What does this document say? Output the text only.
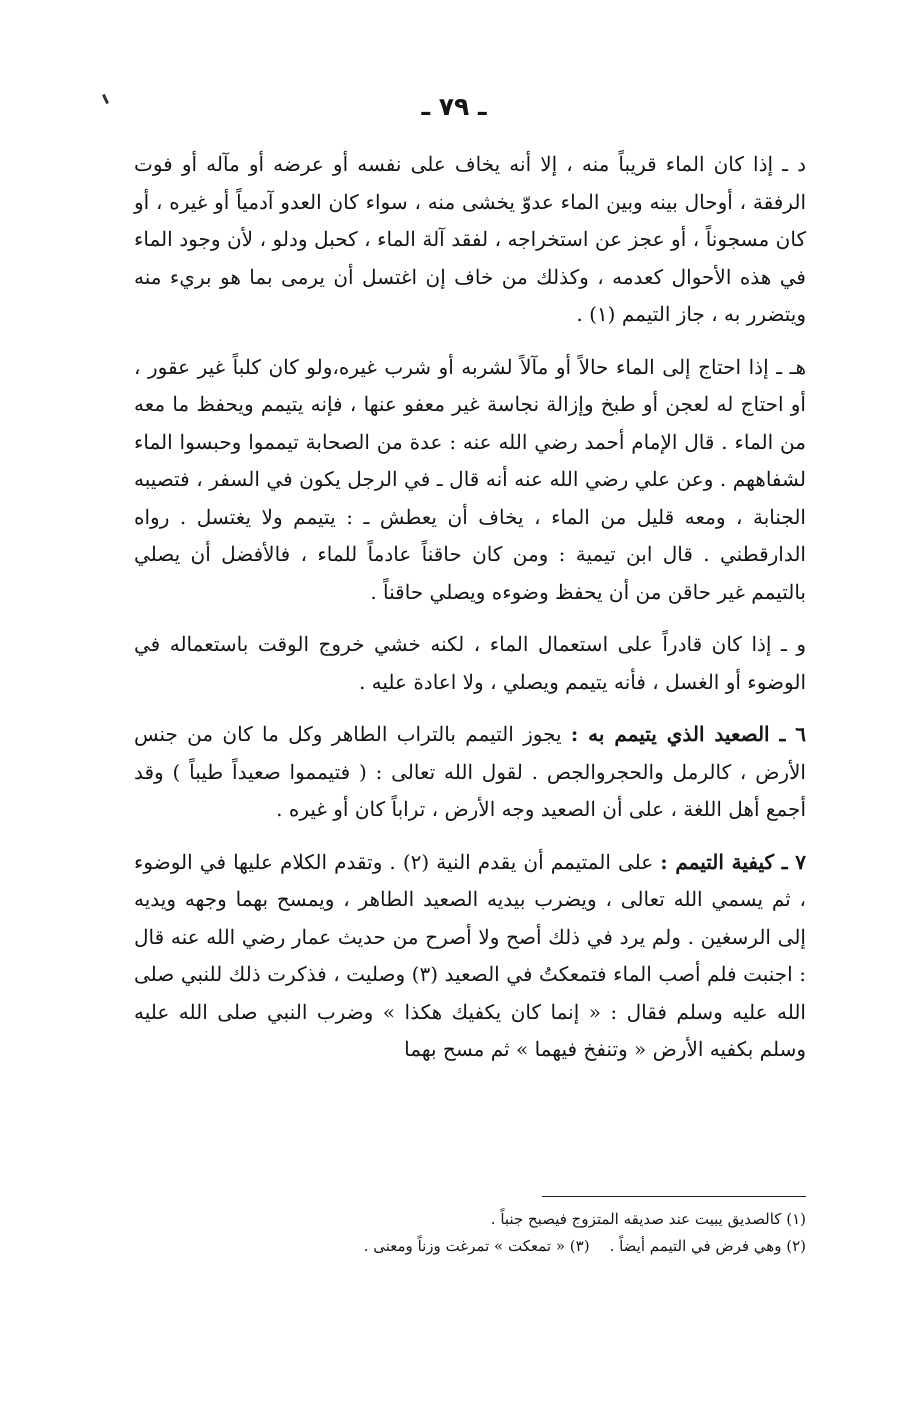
ـ ٧٩ ـ

د ـ إذا كان الماء قريباً منه ، إلا أنه يخاف على نفسه أو عرضه أو مآله أو فوت الرفقة ، أوحال بينه وبين الماء عدوّ يخشى منه ، سواء كان العدو آدمياً أو غيره ، أو كان مسجوناً ، أو عجز عن استخراجه ، لفقد آلة الماء ، كحبل ودلو ، لأن وجود الماء في هذه الأحوال كعدمه ، وكذلك من خاف إن اغتسل أن يرمى بما هو بريء منه ويتضرر به ، جاز التيمم (١) .

هـ ـ إذا احتاج إلى الماء حالاً أو مآلاً لشربه أو شرب غيره،ولو كان كلباً غير عقور ، أو احتاج له لعجن أو طبخ وإزالة نجاسة غير معفو عنها ، فإنه يتيمم ويحفظ ما معه من الماء . قال الإمام أحمد رضي الله عنه : عدة من الصحابة تيمموا وحبسوا الماء لشفاههم . وعن علي رضي الله عنه أنه قال ـ في الرجل يكون في السفر ، فتصيبه الجنابة ، ومعه قليل من الماء ، يخاف أن يعطش ـ : يتيمم ولا يغتسل . رواه الدارقطني . قال ابن تيمية : ومن كان حاقناً عادماً للماء ، فالأفضل أن يصلي بالتيمم غير حاقن من أن يحفظ وضوءه ويصلي حاقناً .

و ـ إذا كان قادراً على استعمال الماء ، لكنه خشي خروج الوقت باستعماله في الوضوء أو الغسل ، فأنه يتيمم ويصلي ، ولا اعادة عليه .

٦ ـ الصعيد الذي يتيمم به : يجوز التيمم بالتراب الطاهر وكل ما كان من جنس الأرض ، كالرمل والحجروالجص . لقول الله تعالى : ( فتيمموا صعيداً طيباً ) وقد أجمع أهل اللغة ، على أن الصعيد وجه الأرض ، تراباً كان أو غيره .

٧ ـ كيفية التيمم : على المتيمم أن يقدم النية (٢) . وتقدم الكلام عليها في الوضوء ، ثم يسمي الله تعالى ، ويضرب بيديه الصعيد الطاهر ، ويمسح بهما وجهه ويديه إلى الرسغين . ولم يرد في ذلك أصح ولا أصرح من حديث عمار رضي الله عنه قال : اجنبت فلم أصب الماء فتمعكتُ في الصعيد (٣) وصليت ، فذكرت ذلك للنبي صلى الله عليه وسلم فقال : « إنما كان يكفيك هكذا » وضرب النبي صلى الله عليه وسلم بكفيه الأرض « وتنفخ فيهما » ثم مسح بهما

(١) كالصديق يبيت عند صديقه المتزوج فيصبح جنباً .
(٢) وهي فرض في التيمم أيضاً .(٣) « تمعكت » تمرغت وزناً ومعنى .
